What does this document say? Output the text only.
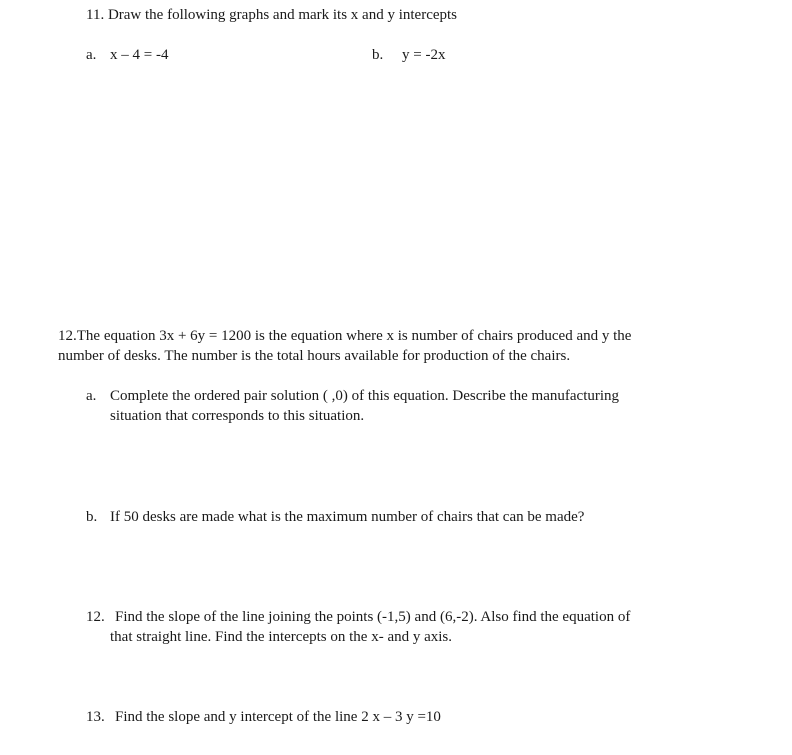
11. Draw the following graphs and mark its x and y intercepts
a. x – 4 = -4	b. y = -2x
12.The equation 3x + 6y = 1200 is the equation where x is number of chairs produced and y the
number of desks. The number is the total hours available for production of the chairs.
a. Complete the ordered pair solution ( ,0) of this equation. Describe the manufacturing
situation that corresponds to this situation.
b. If 50 desks are made what is the maximum number of chairs that can be made?
12. Find the slope of the line joining the points (-1,5) and (6,-2). Also find the equation of
that straight line. Find the intercepts on the x- and y axis.
13. Find the slope and y intercept of the line 2 x – 3 y =10
